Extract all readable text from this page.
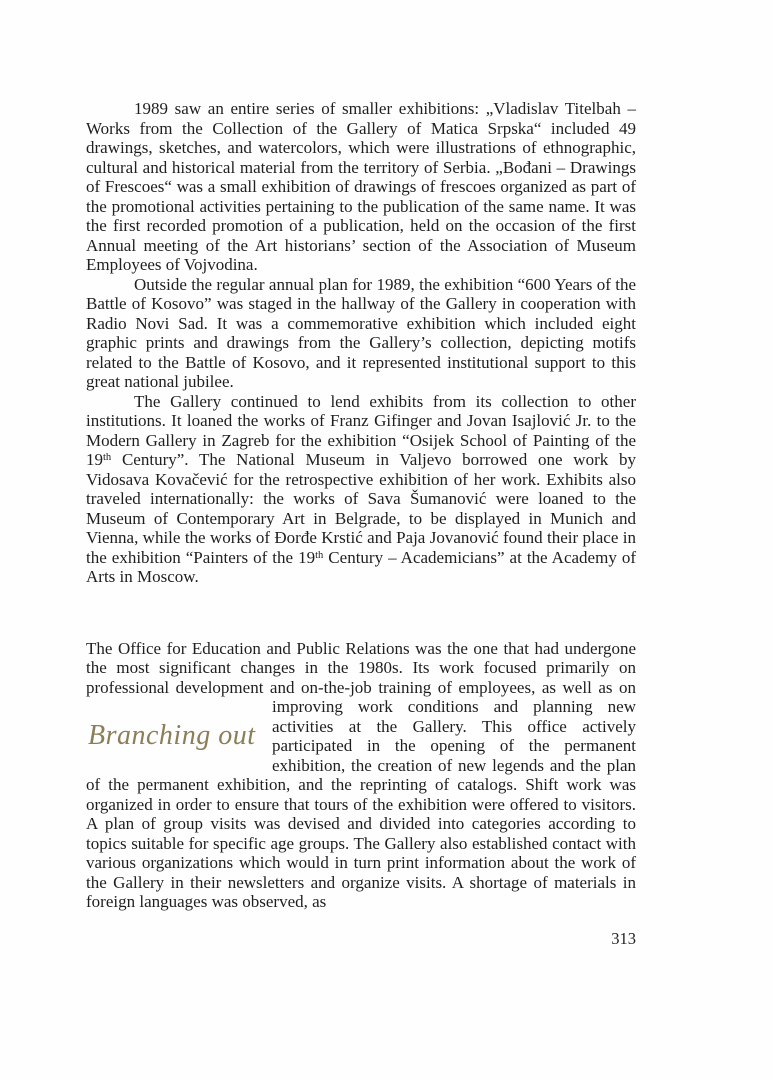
1989 saw an entire series of smaller exhibitions: „Vladislav Titelbah – Works from the Collection of the Gallery of Matica Srpska“ included 49 drawings, sketches, and watercolors, which were illustrations of ethnographic, cultural and historical material from the territory of Serbia. „Bođani – Drawings of Frescoes“ was a small exhibition of drawings of frescoes organized as part of the promotional activities pertaining to the publication of the same name. It was the first recorded promotion of a publication, held on the occasion of the first Annual meeting of the Art historians’ section of the Association of Museum Employees of Vojvodina.

Outside the regular annual plan for 1989, the exhibition “600 Years of the Battle of Kosovo” was staged in the hallway of the Gallery in cooperation with Radio Novi Sad. It was a commemorative exhibition which included eight graphic prints and drawings from the Gallery’s collection, depicting motifs related to the Battle of Kosovo, and it represented institutional support to this great national jubilee.

The Gallery continued to lend exhibits from its collection to other institutions. It loaned the works of Franz Gifinger and Jovan Isajlović Jr. to the Modern Gallery in Zagreb for the exhibition “Osijek School of Painting of the 19th Century”. The National Museum in Valjevo borrowed one work by Vidosava Kovačević for the retrospective exhibition of her work. Exhibits also traveled internationally: the works of Sava Šumanović were loaned to the Museum of Contemporary Art in Belgrade, to be displayed in Munich and Vienna, while the works of Đorđe Krstić and Paja Jovanović found their place in the exhibition “Painters of the 19th Century – Academicians” at the Academy of Arts in Moscow.

The Office for Education and Public Relations was the one that had undergone the most significant changes in the 1980s. Its work focused primarily on professional development and on-the-job training of employees, as well
Branching out
as on improving work conditions and planning new activities at the Gallery. This office actively participated in the opening of the permanent exhibition, the creation of new legends and the plan of the permanent exhibition, and the reprinting of catalogs. Shift work was organized in order to ensure that tours of the exhibition were offered to visitors. A plan of group visits was devised and divided into categories according to topics suitable for specific age groups. The Gallery also established contact with various organizations which would in turn print information about the work of the Gallery in their newsletters and organize visits. A shortage of materials in foreign languages was observed, as

313
